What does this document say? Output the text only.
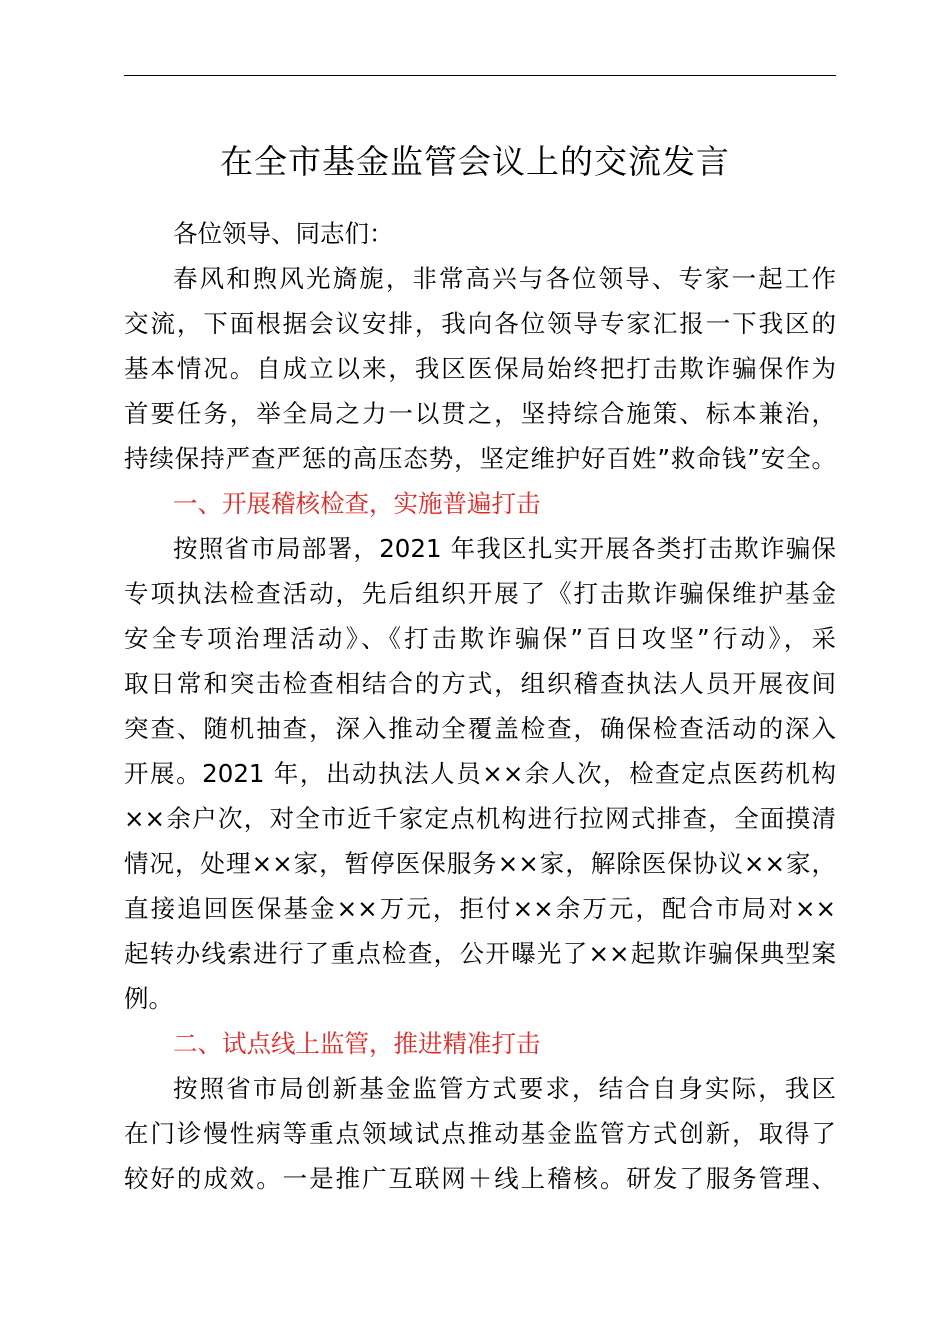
在全市基金监管会议上的交流发言
各位领导、同志们：
春风和煦风光旖旎，非常高兴与各位领导、专家一起工作
交流，下面根据会议安排，我向各位领导专家汇报一下我区的
基本情况。自成立以来，我区医保局始终把打击欺诈骗保作为
首要任务，举全局之力一以贯之，坚持综合施策、标本兼治，
持续保持严查严惩的高压态势，坚定维护好百姓”救命钱”安全。
一、开展稽核检查，实施普遍打击
按照省市局部署，2021 年我区扎实开展各类打击欺诈骗保
专项执法检查活动，先后组织开展了《打击欺诈骗保维护基金
安全专项治理活动》、《打击欺诈骗保”百日攻坚”行动》，采
取日常和突击检查相结合的方式，组织稽查执法人员开展夜间
突查、随机抽查，深入推动全覆盖检查，确保检查活动的深入
开展。2021 年，出动执法人员××余人次，检查定点医药机构
××余户次，对全市近千家定点机构进行拉网式排查，全面摸清
情况，处理××家，暂停医保服务××家，解除医保协议××家，
直接追回医保基金××万元，拒付××余万元，配合市局对××
起转办线索进行了重点检查，公开曝光了××起欺诈骗保典型案
例。
二、试点线上监管，推进精准打击
按照省市局创新基金监管方式要求，结合自身实际，我区
在门诊慢性病等重点领域试点推动基金监管方式创新，取得了
较好的成效。一是推广互联网＋线上稽核。研发了服务管理、
